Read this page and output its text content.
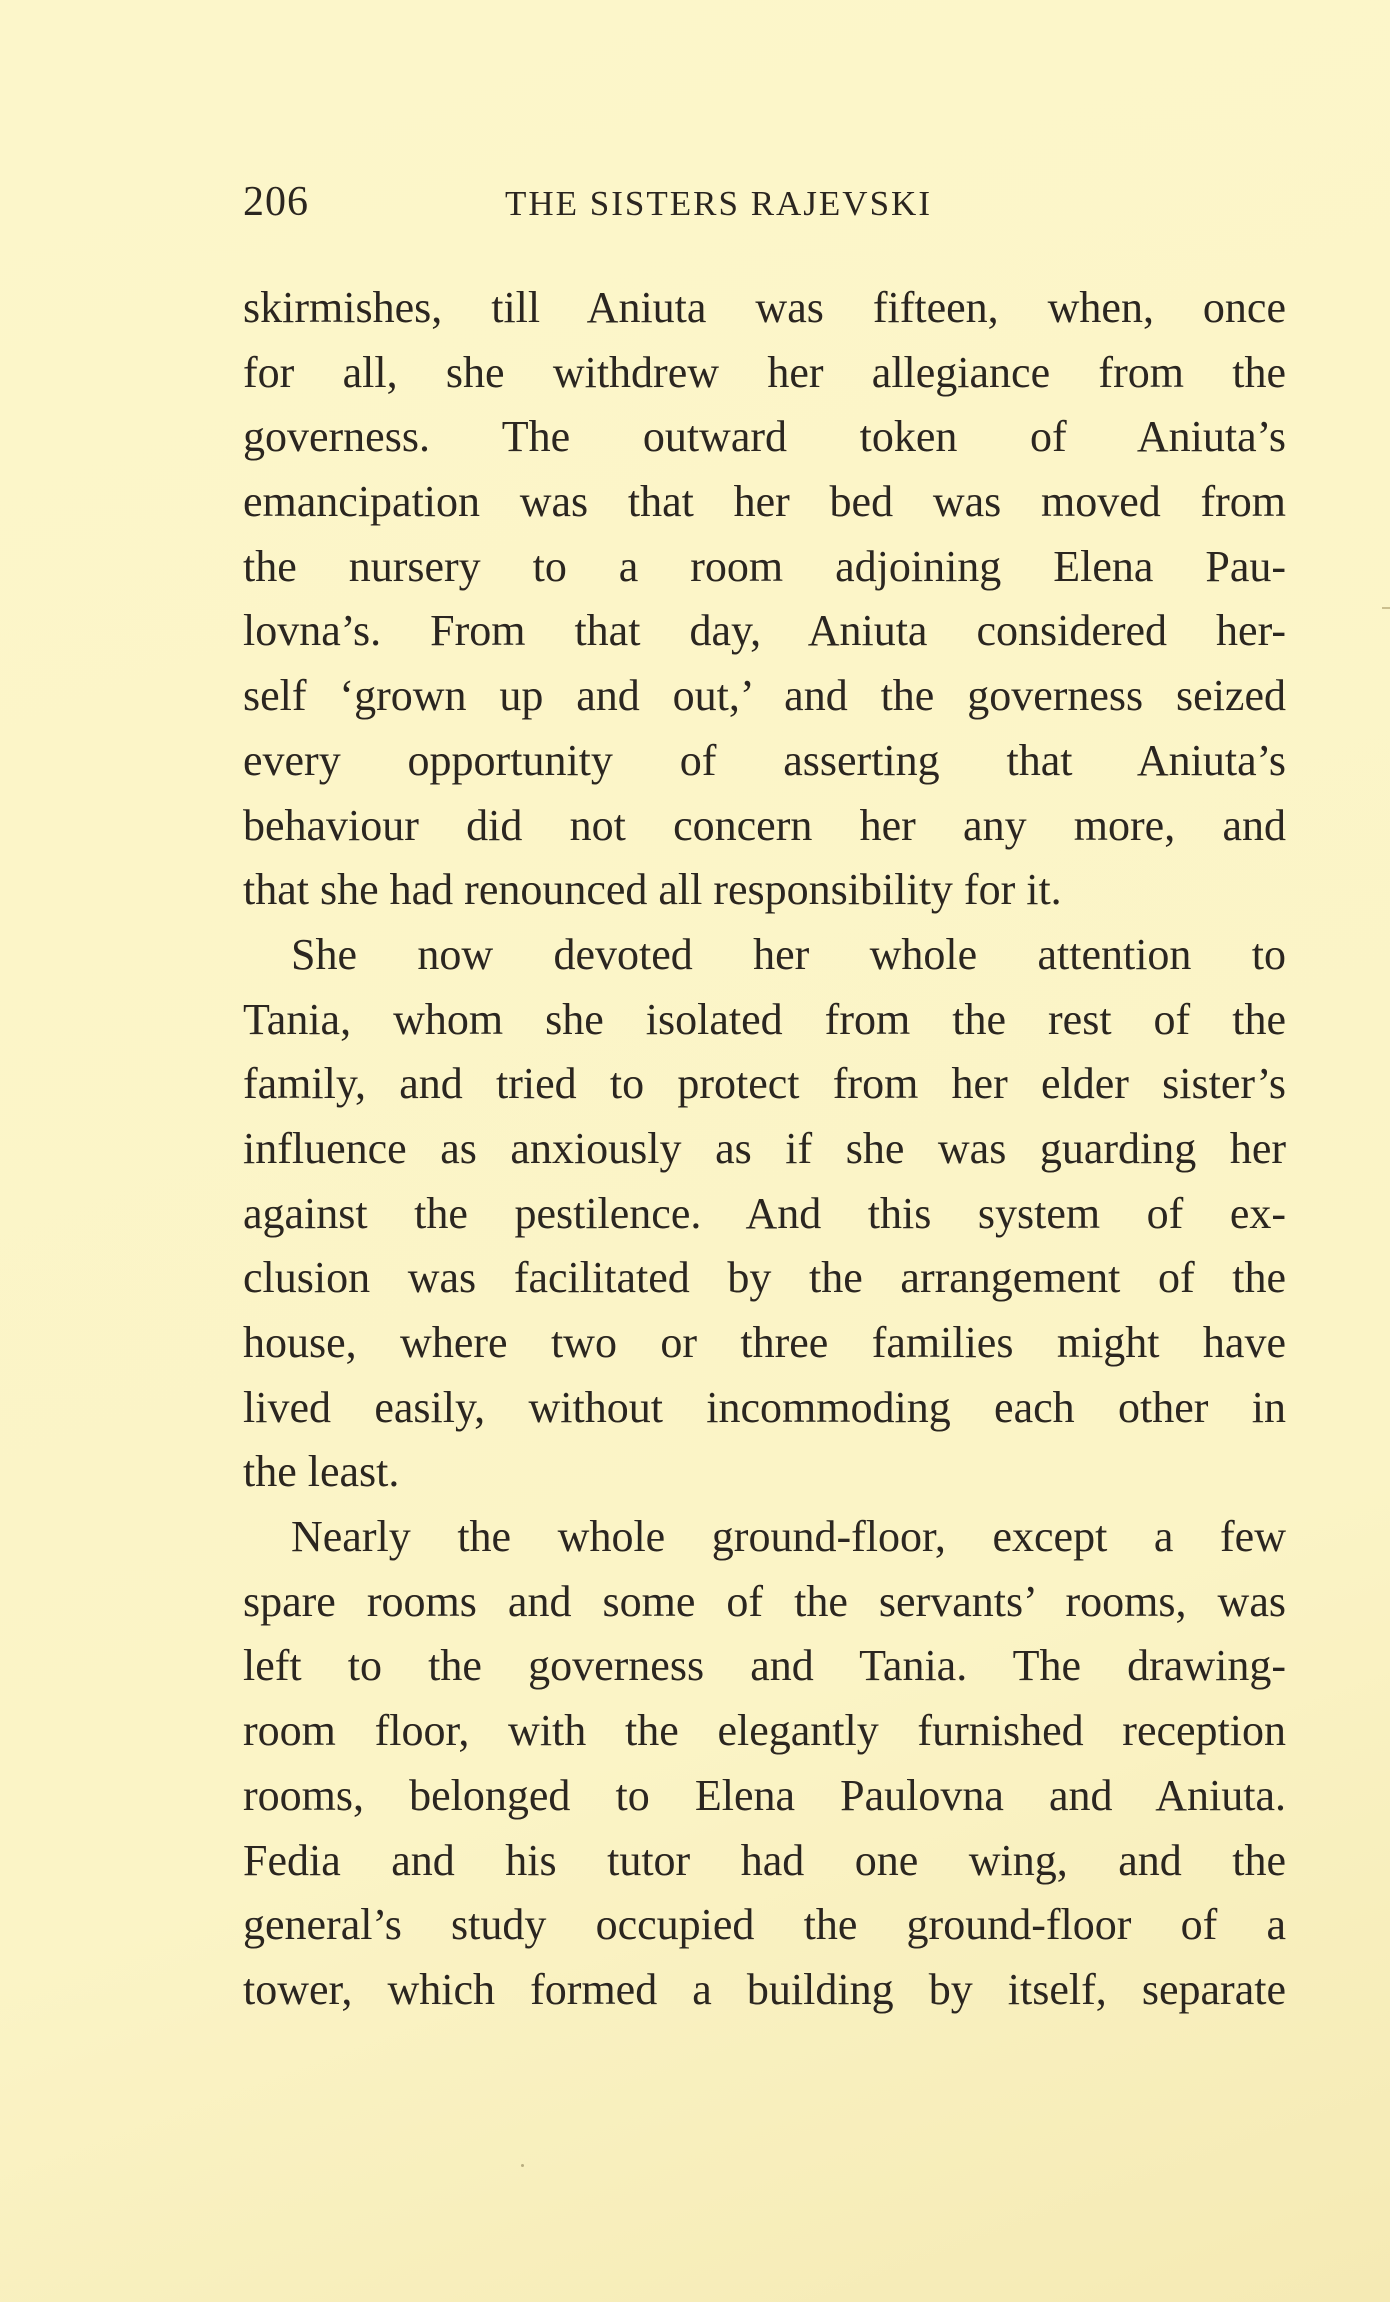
206	THE SISTERS RAJEVSKI
skirmishes, till Aniuta was fifteen, when, once
for all, she withdrew her allegiance from the
governess. The outward token of Aniuta’s
emancipation was that her bed was moved from
the nursery to a room adjoining Elena Pau-
lovna’s. From that day, Aniuta considered her-
self ‘grown up and out,’ and the governess seized
every opportunity of asserting that Aniuta’s
behaviour did not concern her any more, and
that she had renounced all responsibility for it.
She now devoted her whole attention to
Tania, whom she isolated from the rest of the
family, and tried to protect from her elder sister’s
influence as anxiously as if she was guarding her
against the pestilence. And this system of ex-
clusion was facilitated by the arrangement of the
house, where two or three families might have
lived easily, without incommoding each other in
the least.
Nearly the whole ground-floor, except a few
spare rooms and some of the servants’ rooms, was
left to the governess and Tania. The drawing-
room floor, with the elegantly furnished reception
rooms, belonged to Elena Paulovna and Aniuta.
Fedia and his tutor had one wing, and the
general’s study occupied the ground-floor of a
tower, which formed a building by itself, separate
